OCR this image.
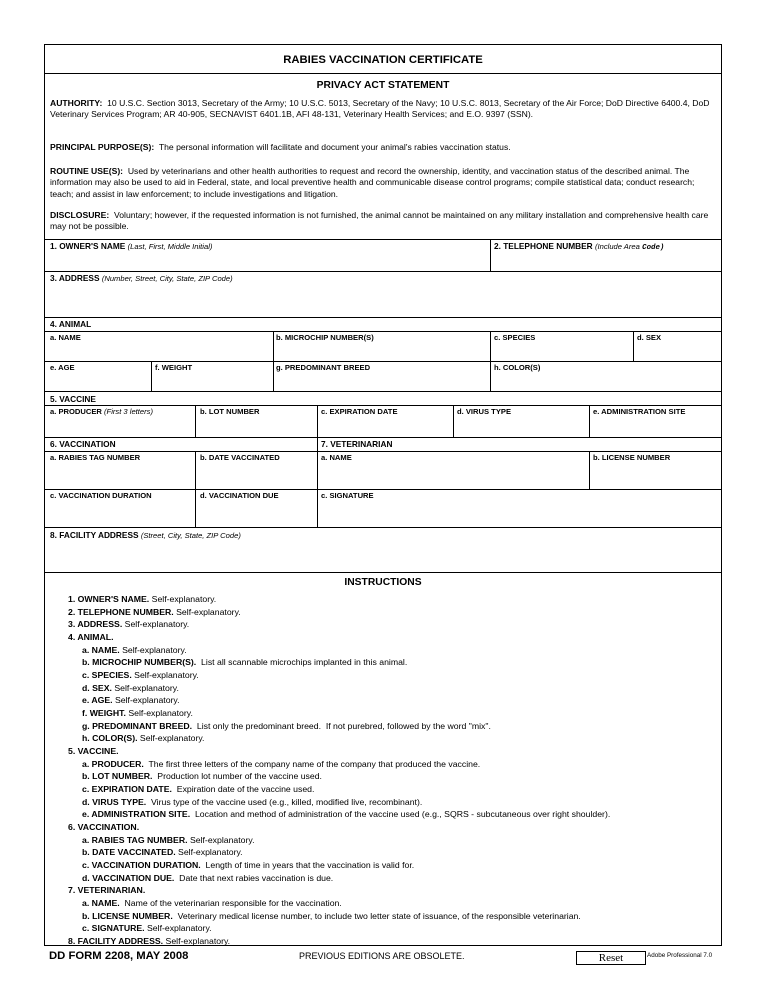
RABIES VACCINATION CERTIFICATE
PRIVACY ACT STATEMENT
AUTHORITY: 10 U.S.C. Section 3013, Secretary of the Army; 10 U.S.C. 5013, Secretary of the Navy; 10 U.S.C. 8013, Secretary of the Air Force; DoD Directive 6400.4, DoD Veterinary Services Program; AR 40-905, SECNAVIST 6401.1B, AFI 48-131, Veterinary Health Services; and E.O. 9397 (SSN).
PRINCIPAL PURPOSE(S): The personal information will facilitate and document your animal's rabies vaccination status.
ROUTINE USE(S): Used by veterinarians and other health authorities to request and record the ownership, identity, and vaccination status of the described animal. The information may also be used to aid in Federal, state, and local preventive health and communicable disease control programs; compile statistical data; conduct research; teach; and assist in law enforcement; to include investigations and litigation.
DISCLOSURE: Voluntary; however, if the requested information is not furnished, the animal cannot be maintained on any military installation and comprehensive health care may not be possible.
1. OWNER'S NAME (Last, First, Middle Initial)	2. TELEPHONE NUMBER (Include Area Code)
3. ADDRESS (Number, Street, City, State, ZIP Code)
4. ANIMAL
a. NAME	b. MICROCHIP NUMBER(S)	c. SPECIES	d. SEX
e. AGE	f. WEIGHT	g. PREDOMINANT BREED	h. COLOR(S)
5. VACCINE
a. PRODUCER (First 3 letters)	b. LOT NUMBER	c. EXPIRATION DATE	d. VIRUS TYPE	e. ADMINISTRATION SITE
6. VACCINATION	7. VETERINARIAN
a. RABIES TAG NUMBER	b. DATE VACCINATED	a. NAME	b. LICENSE NUMBER
c. VACCINATION DURATION	d. VACCINATION DUE	c. SIGNATURE
8. FACILITY ADDRESS (Street, City, State, ZIP Code)
INSTRUCTIONS
1. OWNER'S NAME. Self-explanatory.
2. TELEPHONE NUMBER. Self-explanatory.
3. ADDRESS. Self-explanatory.
4. ANIMAL.
a. NAME. Self-explanatory.
b. MICROCHIP NUMBER(S).  List all scannable microchips implanted in this animal.
c. SPECIES. Self-explanatory.
d. SEX. Self-explanatory.
e. AGE. Self-explanatory.
f. WEIGHT. Self-explanatory.
g. PREDOMINANT BREED.  List only the predominant breed.  If not purebred, followed by the word "mix".
h. COLOR(S). Self-explanatory.
5. VACCINE.
a. PRODUCER.  The first three letters of the company name of the company that produced the vaccine.
b. LOT NUMBER.  Production lot number of the vaccine used.
c. EXPIRATION DATE.  Expiration date of the vaccine used.
d. VIRUS TYPE.  Virus type of the vaccine used (e.g., killed, modified live, recombinant).
e. ADMINISTRATION SITE.  Location and method of administration of the vaccine used (e.g., SQRS - subcutaneous over right shoulder).
6. VACCINATION.
a. RABIES TAG NUMBER. Self-explanatory.
b. DATE VACCINATED. Self-explanatory.
c. VACCINATION DURATION.  Length of time in years that the vaccination is valid for.
d. VACCINATION DUE.  Date that next rabies vaccination is due.
7. VETERINARIAN.
a. NAME.  Name of the veterinarian responsible for the vaccination.
b. LICENSE NUMBER.  Veterinary medical license number, to include two letter state of issuance, of the responsible veterinarian.
c. SIGNATURE. Self-explanatory.
8. FACILITY ADDRESS. Self-explanatory.
DD FORM 2208, MAY 2008	PREVIOUS EDITIONS ARE OBSOLETE.	Reset	Adobe Professional 7.0
